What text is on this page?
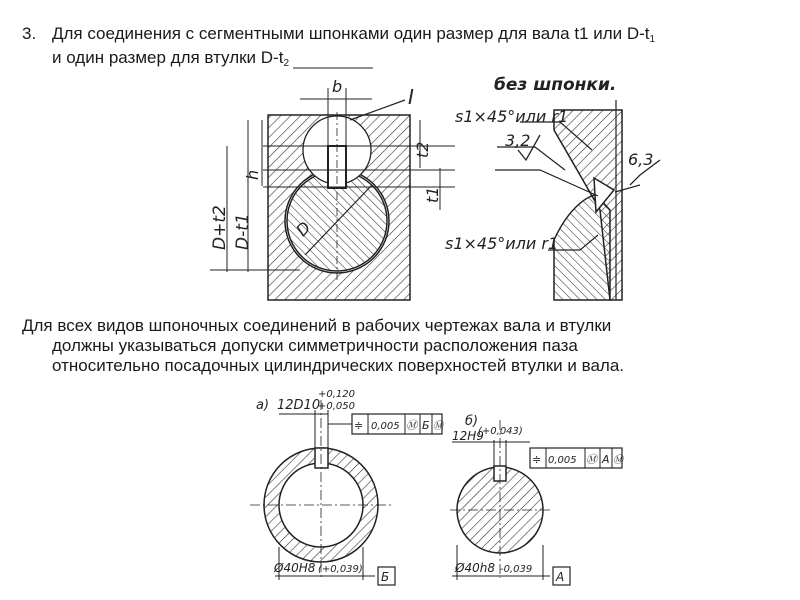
3. Для соединения с сегментными шпонками один размер для вала t1 или $D-t_1$
и один размер для втулки $D-t_2$
Для всех видов шпоночных соединений в рабочих чертежах вала и втулки
должны указываться допуски симметричности расположения паза
относительно посадочных цилиндрических поверхностей втулки и вала.
b	I
t2
t1
h
D
D+t2 D-t1
без шпонки.
s1×45°или r1
3,2
6,3
s1×45°или r1
а) 12D10
+0,120
+0,050
≑ 0,005 Ⓜ Б Ⓜ
Ø40H8 (+0,039)
Б
б)
12H9
(+0,043)
≑ 0,005 Ⓜ А Ⓜ
Ø40h8 -0,039
А
